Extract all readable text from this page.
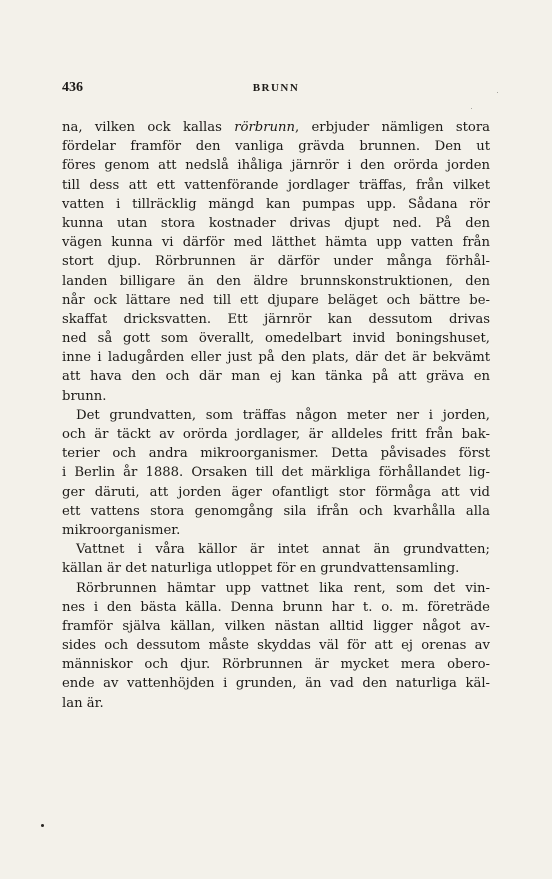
436	BRUNN
na, vilken ock kallas rörbrunn, erbjuder nämligen stora
fördelar framför den vanliga grävda brunnen. Den ut
föres genom att nedslå ihåliga järnrör i den orörda jorden
till dess att ett vattenförande jordlager träffas, från vilket
vatten i tillräcklig mängd kan pumpas upp. Sådana rör
kunna utan stora kostnader drivas djupt ned. På den
vägen kunna vi därför med lätthet hämta upp vatten från
stort djup. Rörbrunnen är därför under många förhål-
landen billigare än den äldre brunnskonstruktionen, den
når ock lättare ned till ett djupare beläget och bättre be-
skaffat dricksvatten. Ett järnrör kan dessutom drivas
ned så gott som överallt, omedelbart invid boningshuset,
inne i ladugården eller just på den plats, där det är bekvämt
att hava den och där man ej kan tänka på att gräva en
brunn.
Det grundvatten, som träffas någon meter ner i jorden,
och är täckt av orörda jordlager, är alldeles fritt från bak-
terier och andra mikroorganismer. Detta påvisades först
i Berlin år 1888. Orsaken till det märkliga förhållandet lig-
ger däruti, att jorden äger ofantligt stor förmåga att vid
ett vattens stora genomgång sila ifrån och kvarhålla alla
mikroorganismer.
Vattnet i våra källor är intet annat än grundvatten;
källan är det naturliga utloppet för en grundvattensamling.
Rörbrunnen hämtar upp vattnet lika rent, som det vin-
nes i den bästa källa. Denna brunn har t. o. m. företräde
framför själva källan, vilken nästan alltid ligger något av-
sides och dessutom måste skyddas väl för att ej orenas av
människor och djur. Rörbrunnen är mycket mera obero-
ende av vattenhöjden i grunden, än vad den naturliga käl-
lan är.
